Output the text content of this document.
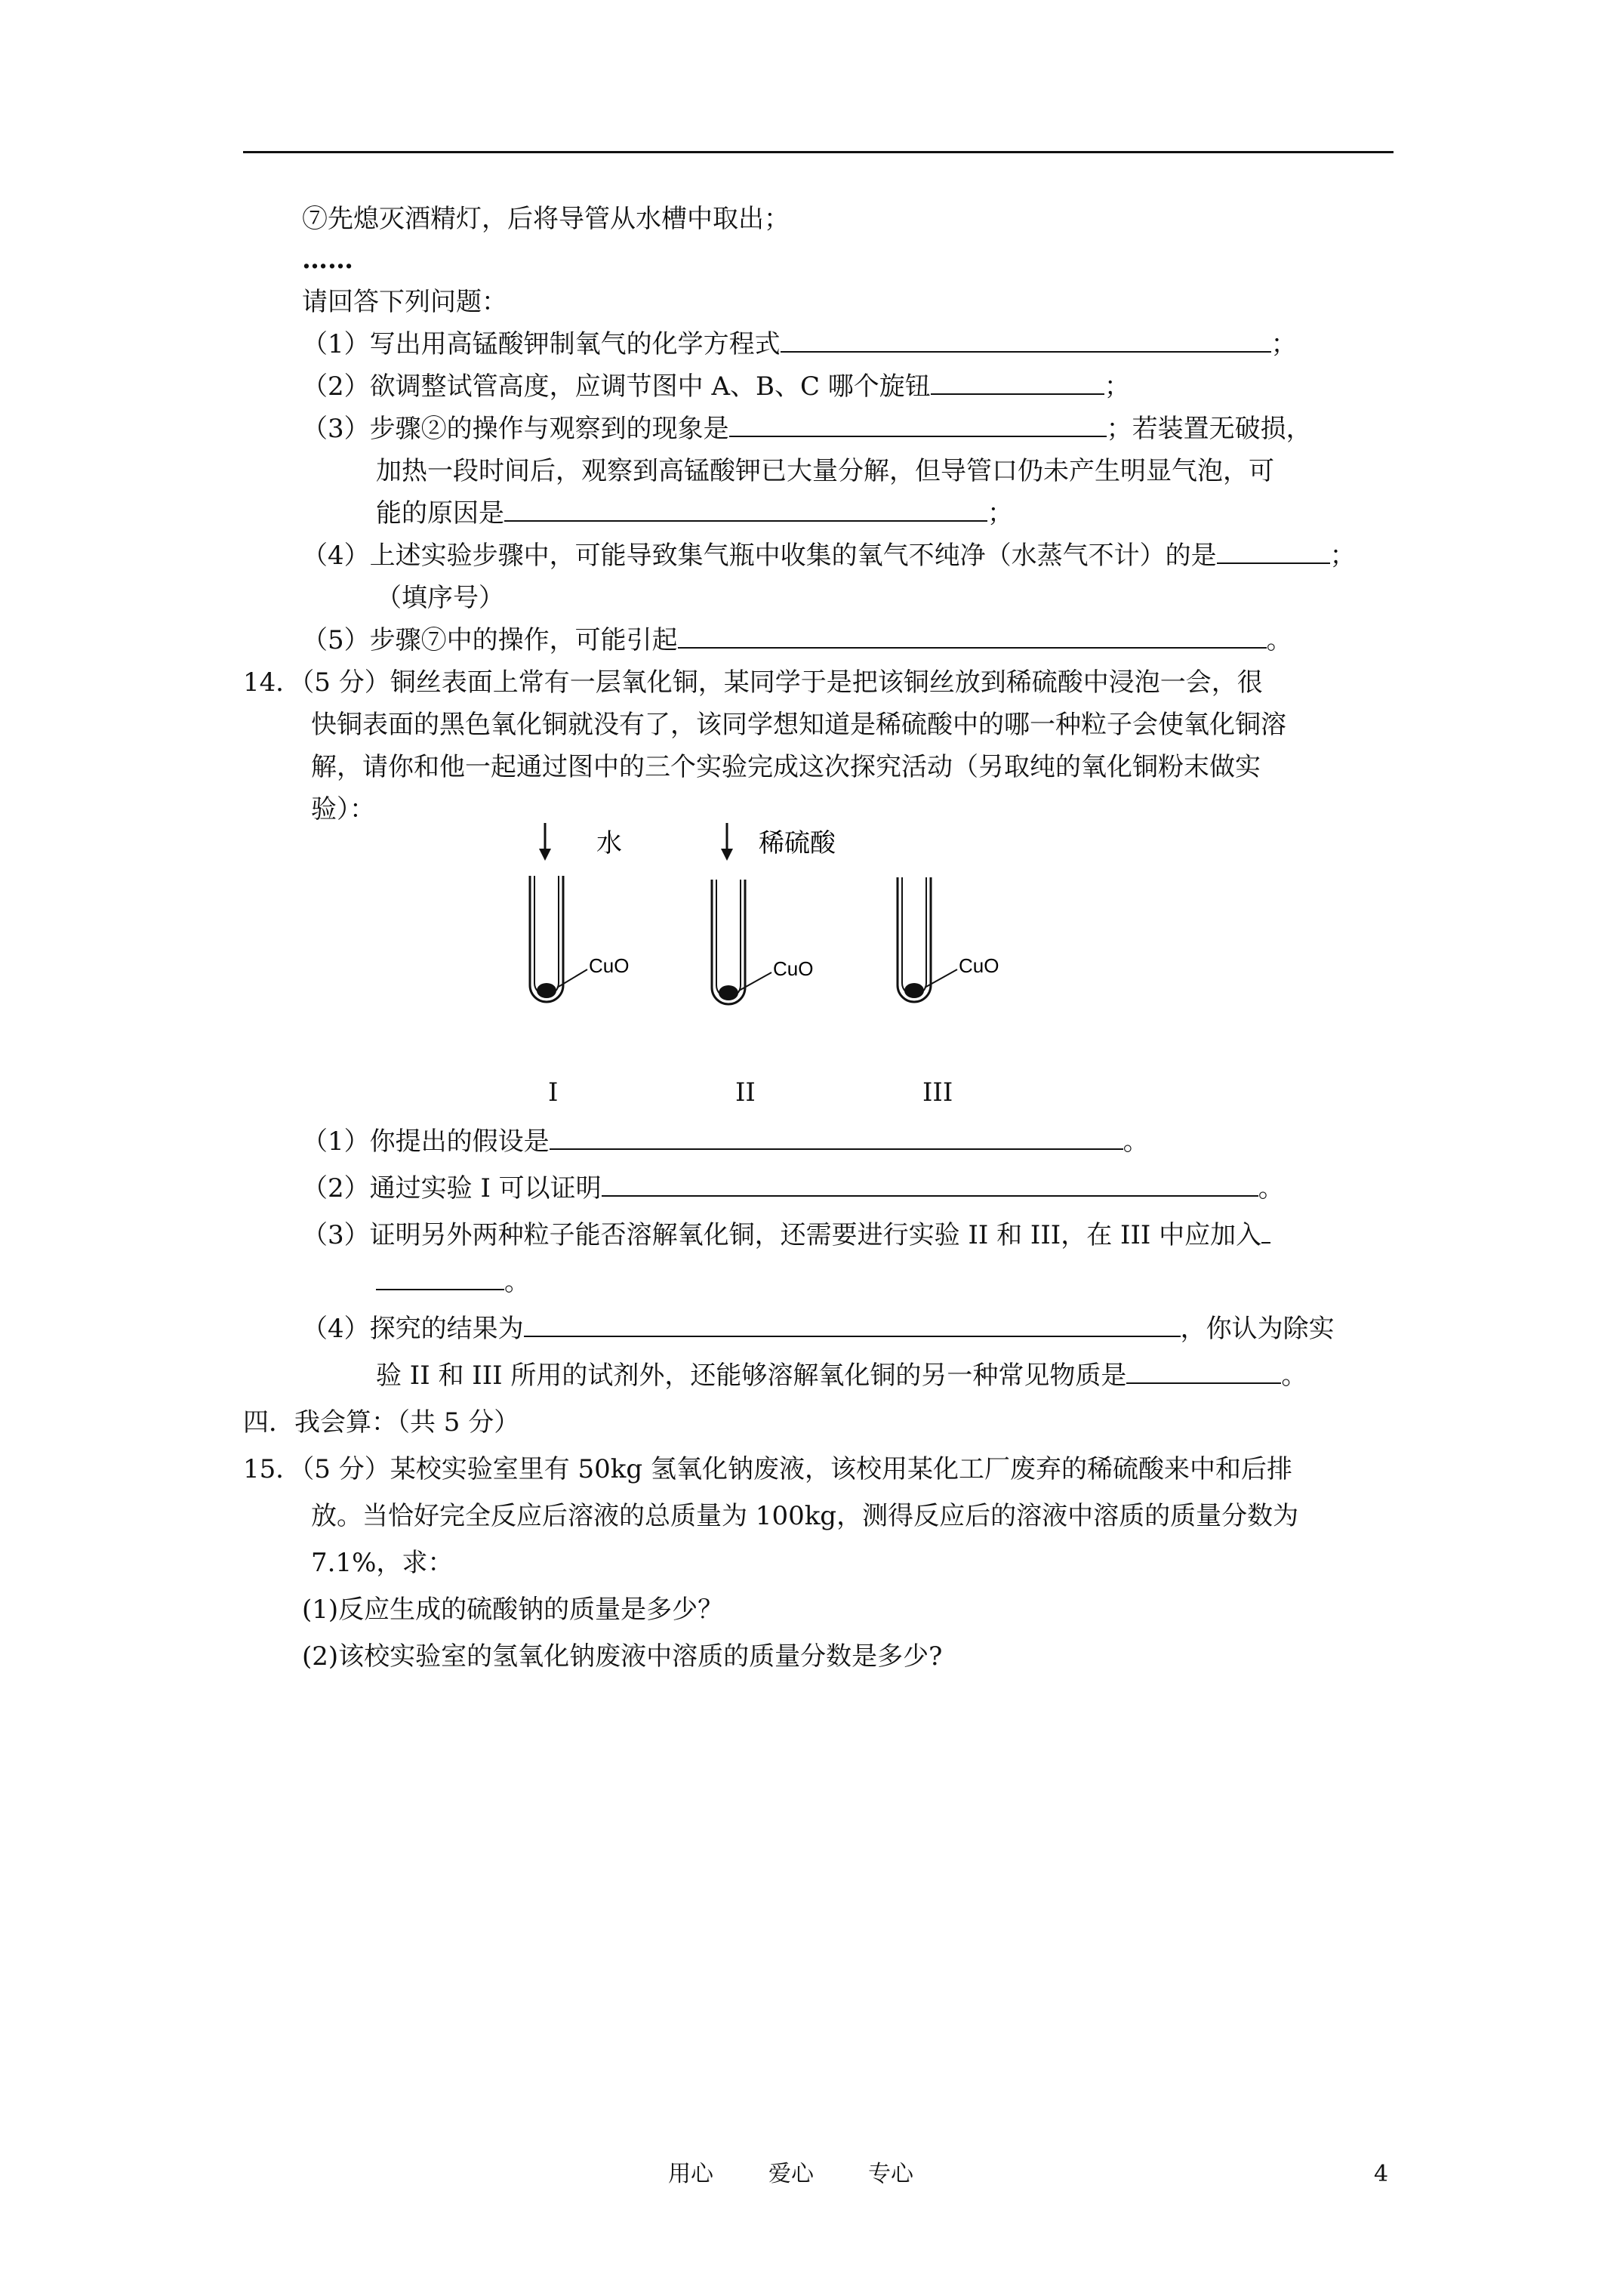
⑦先熄灭酒精灯，后将导管从水槽中取出；
……
请回答下列问题：
（1）写出用高锰酸钾制氧气的化学方程式	；
（2）欲调整试管高度，应调节图中 A、B、C 哪个旋钮	；
（3）步骤②的操作与观察到的现象是	；若装置无破损，
加热一段时间后，观察到高锰酸钾已大量分解，但导管口仍未产生明显气泡，可
能的原因是	；
（4）上述实验步骤中，可能导致集气瓶中收集的氧气不纯净（水蒸气不计）的是	；
（填序号）
（5）步骤⑦中的操作，可能引起	。
14．（5 分）铜丝表面上常有一层氧化铜，某同学于是把该铜丝放到稀硫酸中浸泡一会，很
快铜表面的黑色氧化铜就没有了，该同学想知道是稀硫酸中的哪一种粒子会使氧化铜溶
解，请你和他一起通过图中的三个实验完成这次探究活动（另取纯的氧化铜粉末做实
验）：
水	稀硫酸
CuO	CuO	CuO
I	II	III
（1）你提出的假设是	。
（2）通过实验 I 可以证明	。
（3）证明另外两种粒子能否溶解氧化铜，还需要进行实验 II 和 III，在 III 中应加入
。
（4）探究的结果为	，你认为除实
验 II 和 III 所用的试剂外，还能够溶解氧化铜的另一种常见物质是	。
四．我会算：（共 5 分）
15．（5 分）某校实验室里有 50kg 氢氧化钠废液，该校用某化工厂废弃的稀硫酸来中和后排
放。当恰好完全反应后溶液的总质量为 100kg，测得反应后的溶液中溶质的质量分数为
7.1%，求：
(1)反应生成的硫酸钠的质量是多少？
(2)该校实验室的氢氧化钠废液中溶质的质量分数是多少?
用心 爱心 专心	4
